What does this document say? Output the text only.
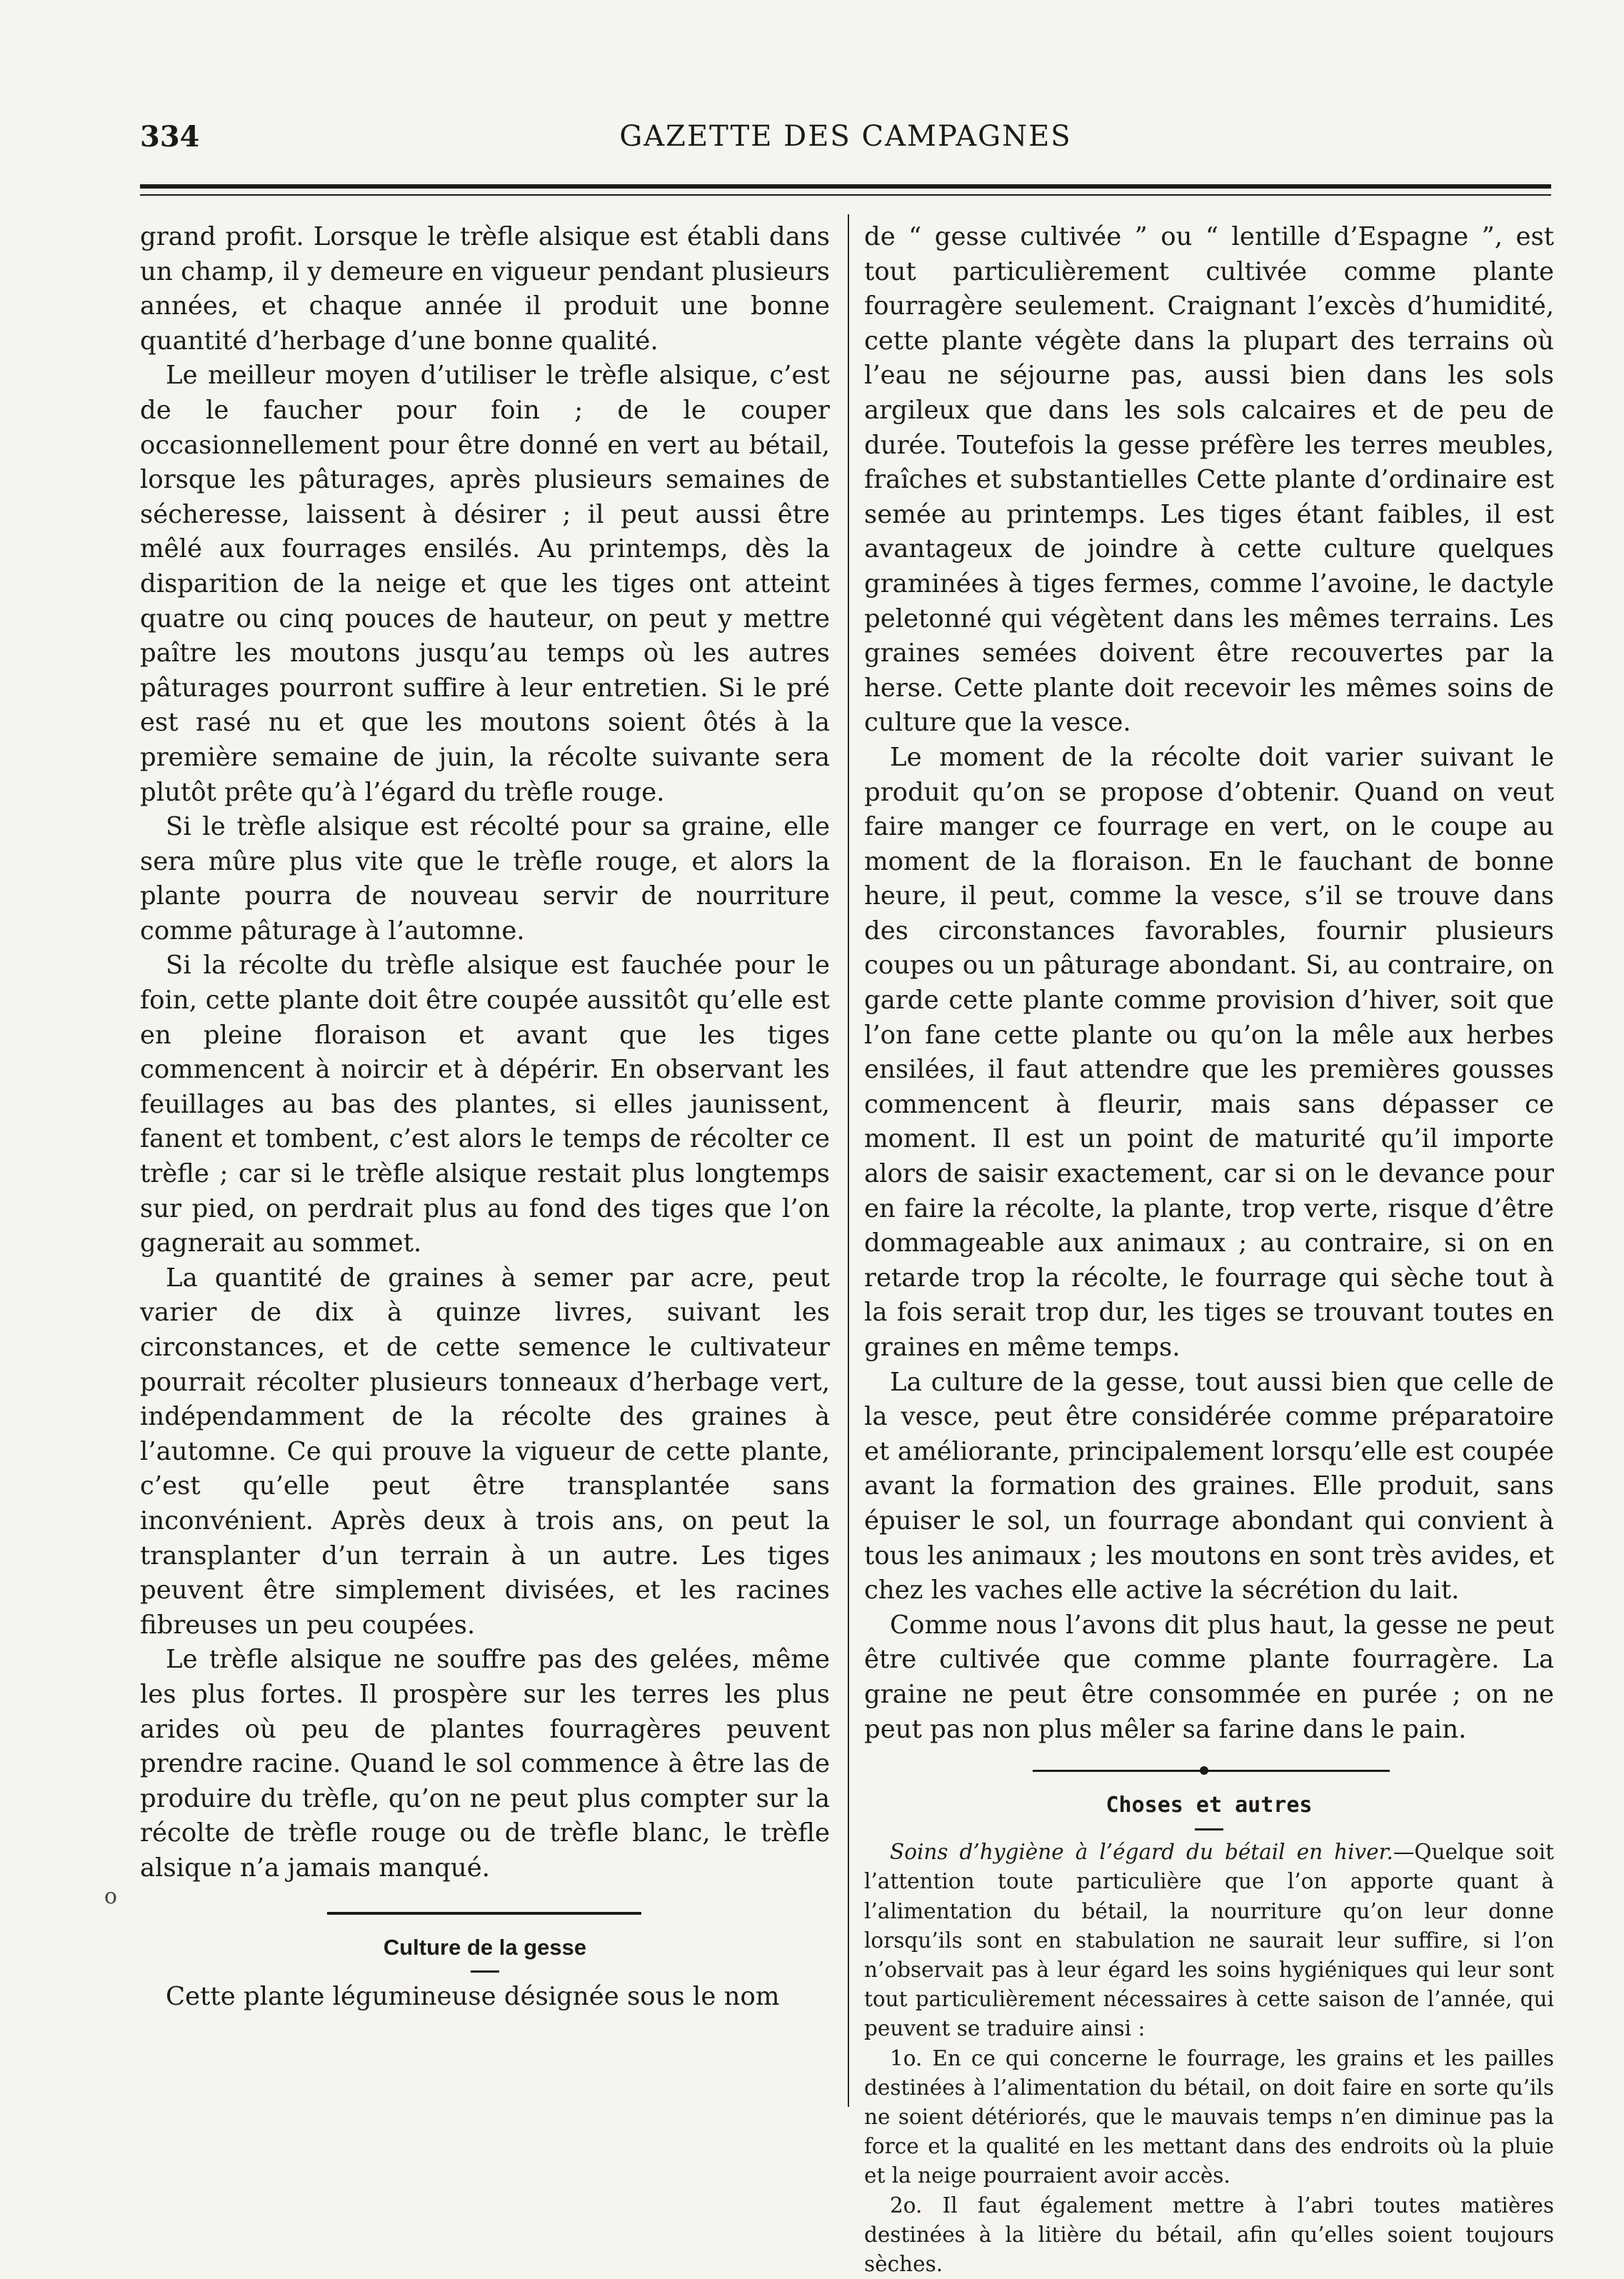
334	GAZETTE DES CAMPAGNES
o

grand profit. Lorsque le trèfle alsique est établi dans un champ, il y demeure en vigueur pendant plusieurs années, et chaque année il produit une bonne quantité d’herbage d’une bonne qualité.

Le meilleur moyen d’utiliser le trèfle alsique, c’est de le faucher pour foin ; de le couper occasionnellement pour être donné en vert au bétail, lorsque les pâturages, après plusieurs semaines de sécheresse, laissent à désirer ; il peut aussi être mêlé aux fourrages ensilés. Au printemps, dès la disparition de la neige et que les tiges ont atteint quatre ou cinq pouces de hauteur, on peut y mettre paître les moutons jusqu’au temps où les autres pâturages pourront suffire à leur entretien. Si le pré est rasé nu et que les moutons soient ôtés à la première semaine de juin, la récolte suivante sera plutôt prête qu’à l’égard du trèfle rouge.

Si le trèfle alsique est récolté pour sa graine, elle sera mûre plus vite que le trèfle rouge, et alors la plante pourra de nouveau servir de nourriture comme pâturage à l’automne.

Si la récolte du trèfle alsique est fauchée pour le foin, cette plante doit être coupée aussitôt qu’elle est en pleine floraison et avant que les tiges commencent à noircir et à dépérir. En observant les feuillages au bas des plantes, si elles jaunissent, fanent et tombent, c’est alors le temps de récolter ce trèfle ; car si le trèfle alsique restait plus longtemps sur pied, on perdrait plus au fond des tiges que l’on gagnerait au sommet.

La quantité de graines à semer par acre, peut varier de dix à quinze livres, suivant les circonstances, et de cette semence le cultivateur pourrait récolter plusieurs tonneaux d’herbage vert, indépendamment de la récolte des graines à l’automne. Ce qui prouve la vigueur de cette plante, c’est qu’elle peut être transplantée sans inconvénient. Après deux à trois ans, on peut la transplanter d’un terrain à un autre. Les tiges peuvent être simplement divisées, et les racines fibreuses un peu coupées.

Le trèfle alsique ne souffre pas des gelées, même les plus fortes. Il prospère sur les terres les plus arides où peu de plantes fourragères peuvent prendre racine. Quand le sol commence à être las de produire du trèfle, qu’on ne peut plus compter sur la récolte de trèfle rouge ou de trèfle blanc, le trèfle alsique n’a jamais manqué.

Culture de la gesse

Cette plante légumineuse désignée sous le nom

de “ gesse cultivée ” ou “ lentille d’Espagne ”, est tout particulièrement cultivée comme plante fourragère seulement. Craignant l’excès d’humidité, cette plante végète dans la plupart des terrains où l’eau ne séjourne pas, aussi bien dans les sols argileux que dans les sols calcaires et de peu de durée. Toutefois la gesse préfère les terres meubles, fraîches et substantielles Cette plante d’ordinaire est semée au printemps. Les tiges étant faibles, il est avantageux de joindre à cette culture quelques graminées à tiges fermes, comme l’avoine, le dactyle peletonné qui végètent dans les mêmes terrains. Les graines semées doivent être recouvertes par la herse. Cette plante doit recevoir les mêmes soins de culture que la vesce.

Le moment de la récolte doit varier suivant le produit qu’on se propose d’obtenir. Quand on veut faire manger ce fourrage en vert, on le coupe au moment de la floraison. En le fauchant de bonne heure, il peut, comme la vesce, s’il se trouve dans des circonstances favorables, fournir plusieurs coupes ou un pâturage abondant. Si, au contraire, on garde cette plante comme provision d’hiver, soit que l’on fane cette plante ou qu’on la mêle aux herbes ensilées, il faut attendre que les premières gousses commencent à fleurir, mais sans dépasser ce moment. Il est un point de maturité qu’il importe alors de saisir exactement, car si on le devance pour en faire la récolte, la plante, trop verte, risque d’être dommageable aux animaux ; au contraire, si on en retarde trop la récolte, le fourrage qui sèche tout à la fois serait trop dur, les tiges se trouvant toutes en graines en même temps.

La culture de la gesse, tout aussi bien que celle de la vesce, peut être considérée comme préparatoire et améliorante, principalement lorsqu’elle est coupée avant la formation des graines. Elle produit, sans épuiser le sol, un fourrage abondant qui convient à tous les animaux ; les moutons en sont très avides, et chez les vaches elle active la sécrétion du lait.

Comme nous l’avons dit plus haut, la gesse ne peut être cultivée que comme plante fourragère. La graine ne peut être consommée en purée ; on ne peut pas non plus mêler sa farine dans le pain.

Choses et autres

Soins d’hygiène à l’égard du bétail en hiver.—Quelque soit l’attention toute particulière que l’on apporte quant à l’alimentation du bétail, la nourriture qu’on leur donne lorsqu’ils sont en stabulation ne saurait leur suffire, si l’on n’observait pas à leur égard les soins hygiéniques qui leur sont tout particulièrement nécessaires à cette saison de l’année, qui peuvent se traduire ainsi :

1o. En ce qui concerne le fourrage, les grains et les pailles destinées à l’alimentation du bétail, on doit faire en sorte qu’ils ne soient détériorés, que le mauvais temps n’en diminue pas la force et la qualité en les mettant dans des endroits où la pluie et la neige pourraient avoir accès.

2o. Il faut également mettre à l’abri toutes matières destinées à la litière du bétail, afin qu’elles soient toujours sèches.
